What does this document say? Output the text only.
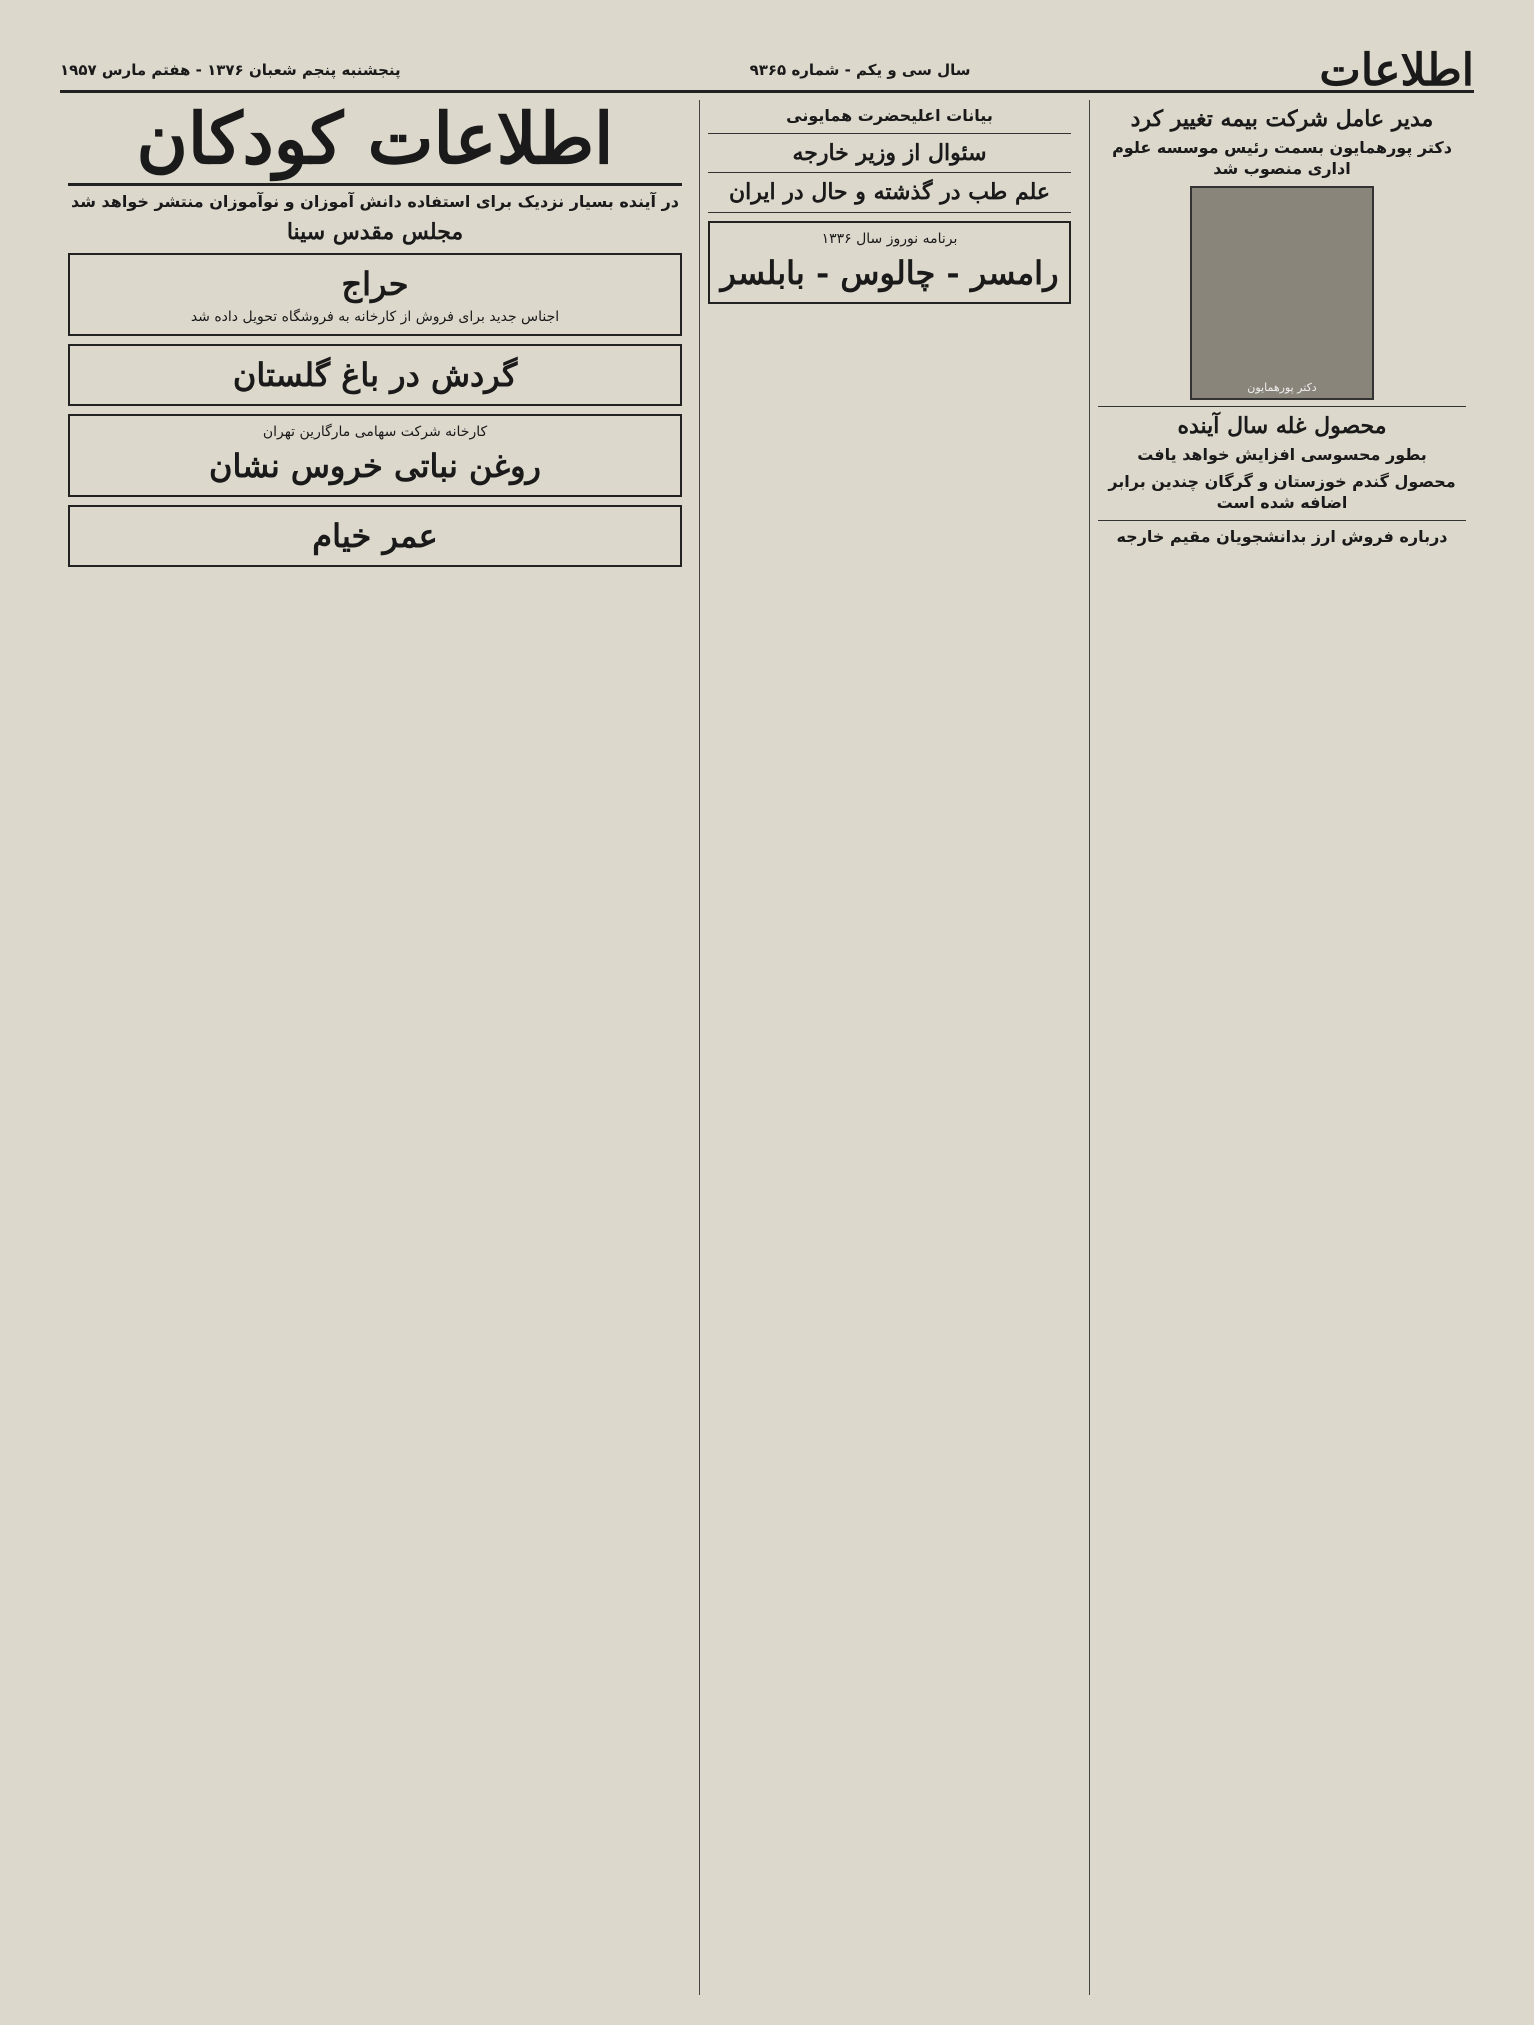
اطلاعات
سال سی و یکم - شماره ۹۳۶۵
پنجشنبه پنجم شعبان ۱۳۷۶ - هفتم مارس ۱۹۵۷
مدیر عامل شرکت بیمه تغییر کرد
دکتر پورهمایون بسمت رئیس موسسه علوم اداری منصوب شد
دکتر پورهمایون
محصول غله سال آینده
بطور محسوسی افزایش خواهد یافت
محصول گندم خوزستان و گرگان چندین برابر اضافه شده است
درباره فروش ارز بدانشجویان مقیم خارجه
بیانات اعلیحضرت همایونی
سئوال از وزیر خارجه
علم طب در گذشته و حال در ایران
برنامه نوروز سال ۱۳۳۶
رامسر - چالوس - بابلسر
اطلاعات کودکان
در آینده بسیار نزدیک برای استفاده دانش آموزان و نوآموزان منتشر خواهد شد
مجلس مقدس سینا
حراج
اجناس جدید برای فروش از کارخانه به فروشگاه تحویل داده شد
گردش در باغ گلستان
کارخانه شرکت سهامی مارگارین تهران
روغن نباتی خروس نشان
عمر خیام
